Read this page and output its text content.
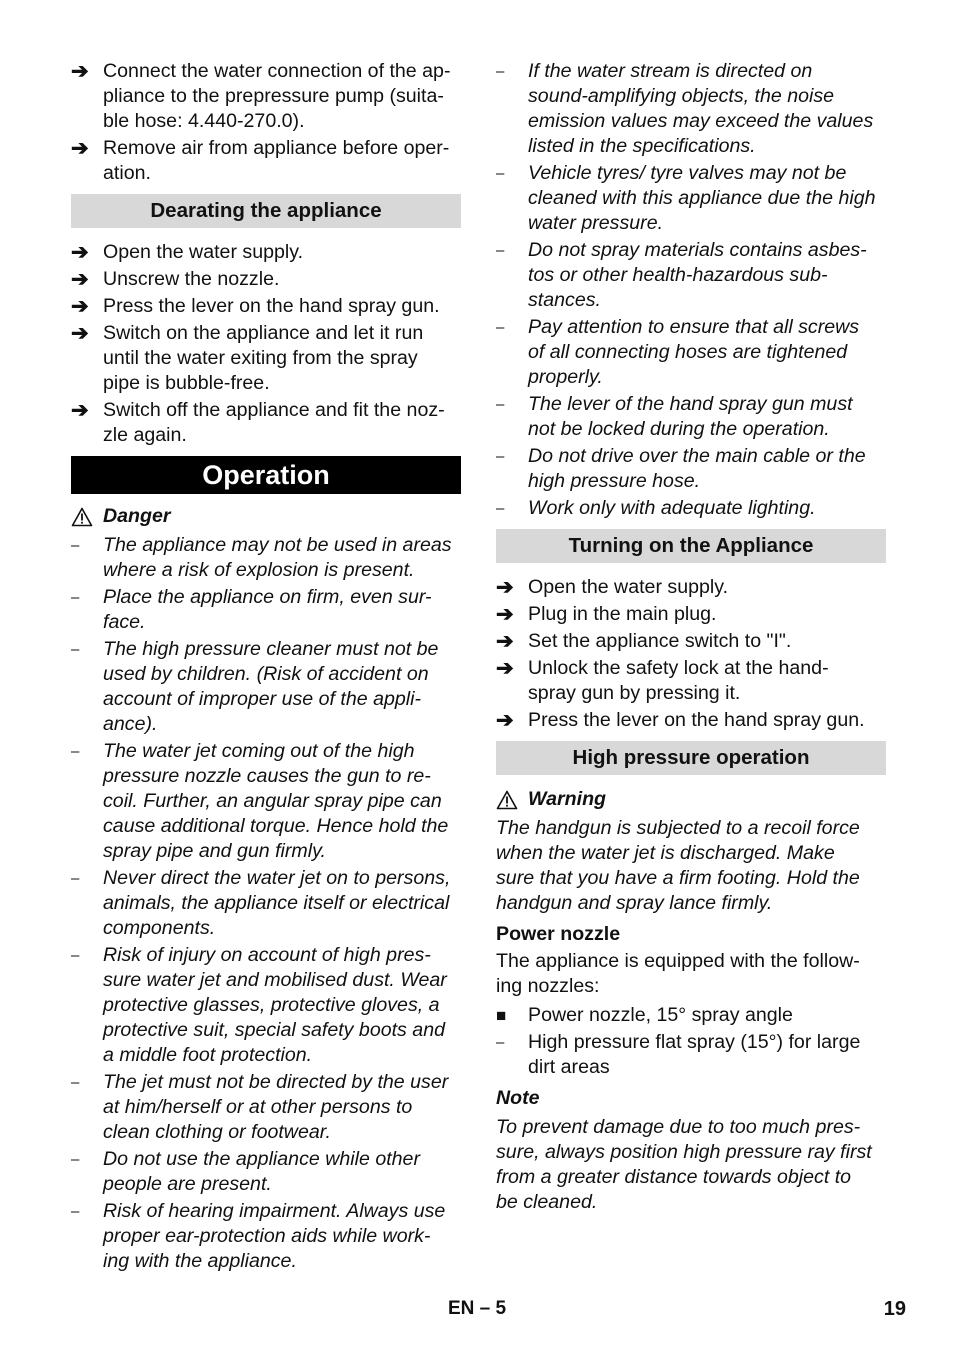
➔ Connect the water connection of the ap-
pliance to the prepressure pump (suita-
ble hose: 4.440-270.0).
➔ Remove air from appliance before oper-
ation.
Dearating the appliance
➔ Open the water supply.
➔ Unscrew the nozzle.
➔ Press the lever on the hand spray gun.
➔ Switch on the appliance and let it run
until the water exiting from the spray
pipe is bubble-free.
➔ Switch off the appliance and fit the noz-
zle again.
Operation
Danger
–	The appliance may not be used in areas
where a risk of explosion is present.
–	Place the appliance on firm, even sur-
face.
–	The high pressure cleaner must not be
used by children. (Risk of accident on
account of improper use of the appli-
ance).
–	The water jet coming out of the high
pressure nozzle causes the gun to re-
coil. Further, an angular spray pipe can
cause additional torque. Hence hold the
spray pipe and gun firmly.
–	Never direct the water jet on to persons,
animals, the appliance itself or electrical
components.
–	Risk of injury on account of high pres-
sure water jet and mobilised dust. Wear
protective glasses, protective gloves, a
protective suit, special safety boots and
a middle foot protection.
–	The jet must not be directed by the user
at him/herself or at other persons to
clean clothing or footwear.
–	Do not use the appliance while other
people are present.
–	Risk of hearing impairment. Always use
proper ear-protection aids while work-
ing with the appliance.
–	If the water stream is directed on
sound-amplifying objects, the noise
emission values may exceed the values
listed in the specifications.
–	Vehicle tyres/ tyre valves may not be
cleaned with this appliance due the high
water pressure.
–	Do not spray materials contains asbes-
tos or other health-hazardous sub-
stances.
–	Pay attention to ensure that all screws
of all connecting hoses are tightened
properly.
–	The lever of the hand spray gun must
not be locked during the operation.
–	Do not drive over the main cable or the
high pressure hose.
–	Work only with adequate lighting.
Turning on the Appliance
➔ Open the water supply.
➔ Plug in the main plug.
➔ Set the appliance switch to "I".
➔ Unlock the safety lock at the hand-
spray gun by pressing it.
➔ Press the lever on the hand spray gun.
High pressure operation
Warning
The handgun is subjected to a recoil force
when the water jet is discharged. Make
sure that you have a firm footing. Hold the
handgun and spray lance firmly.
Power nozzle
The appliance is equipped with the follow-
ing nozzles:
■	Power nozzle, 15° spray angle
–	High pressure flat spray (15°) for large
dirt areas
Note
To prevent damage due to too much pres-
sure, always position high pressure ray first
from a greater distance towards object to
be cleaned.
EN – 5	19
